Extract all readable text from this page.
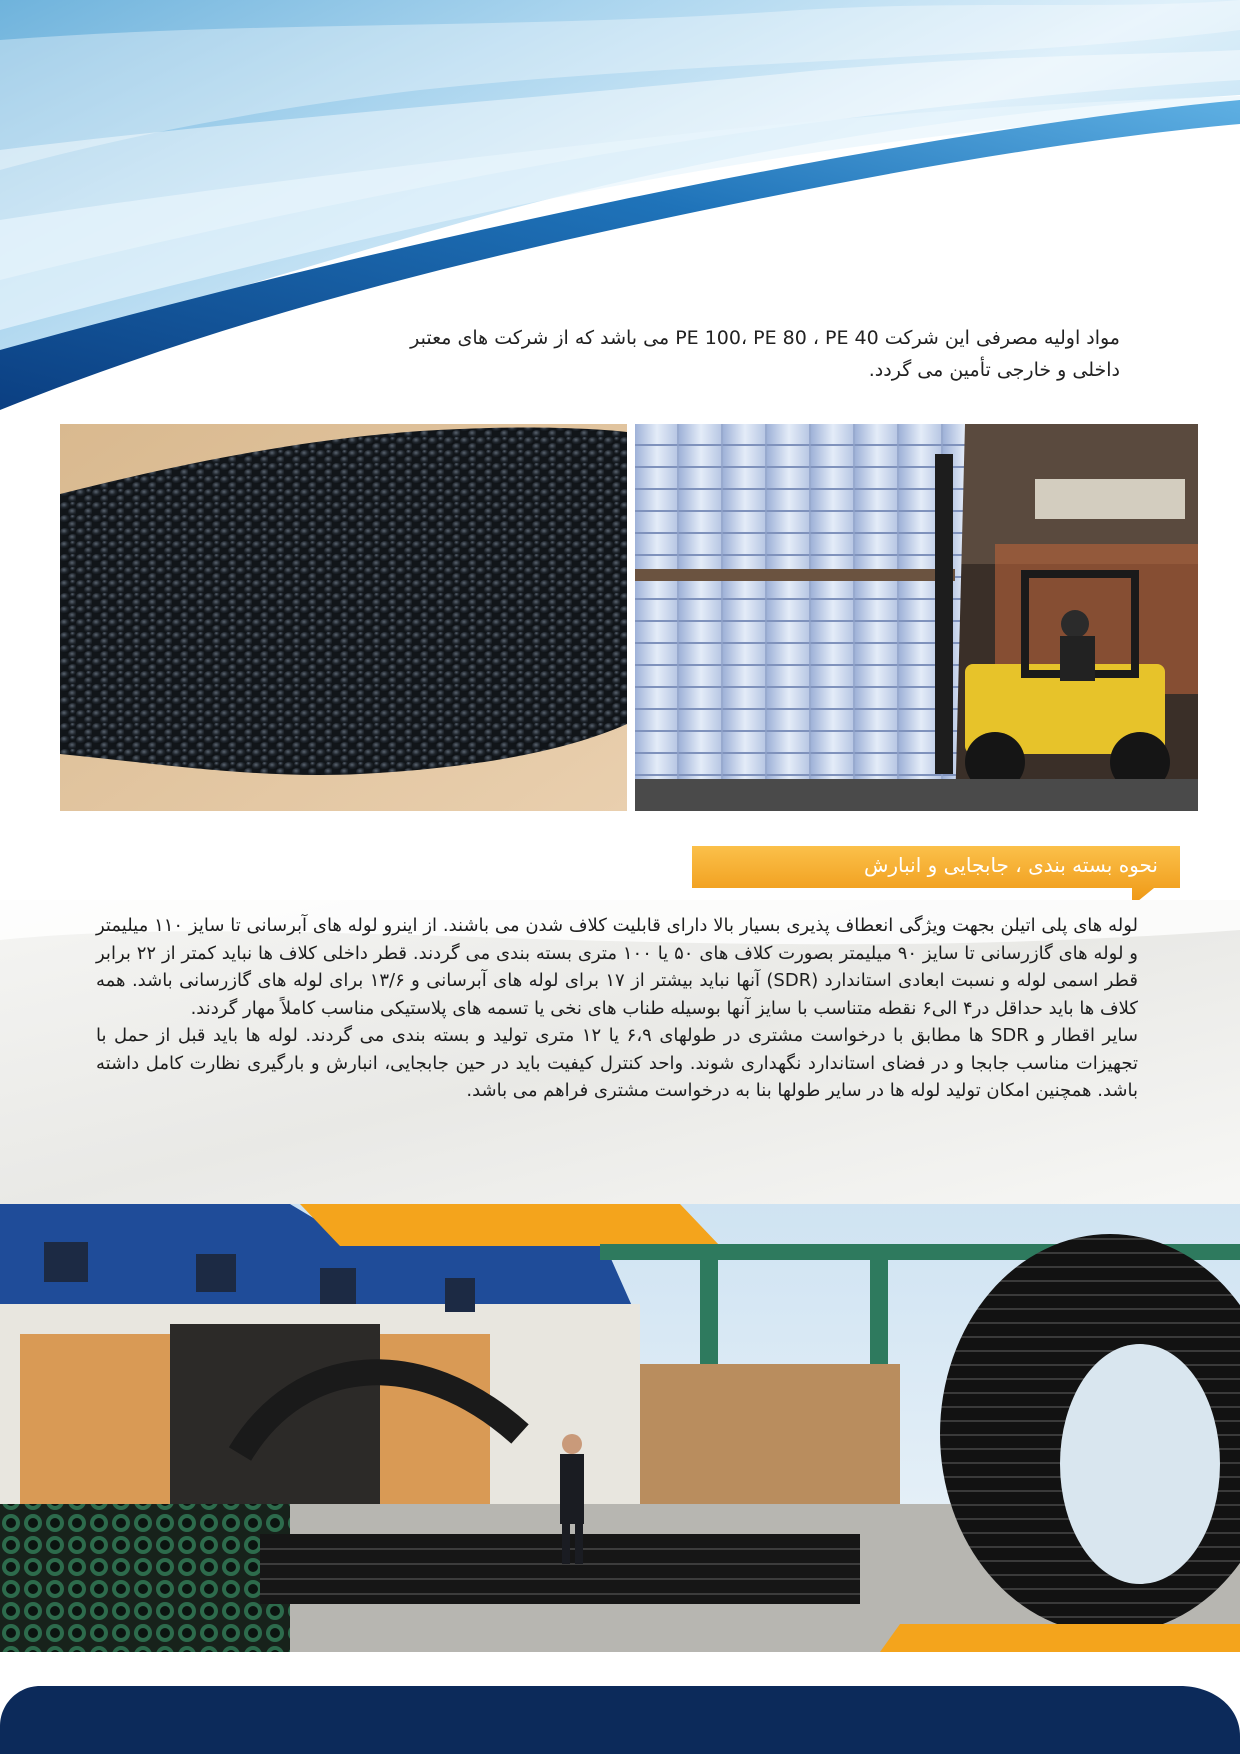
مواد اولیه مصرفی این شرکت PE 100، PE 80 ، PE 40 می باشد که از شرکت های معتبر
داخلی و خارجی تأمین می گردد.
نحوه بسته بندی ، جابجایی و انبارش

لوله های پلی اتیلن بجهت ویژگی انعطاف پذیری بسیار بالا دارای قابلیت کلاف شدن می باشند. از اینرو لوله های آبرسانی تا سایز ۱۱۰ میلیمتر و لوله های گازرسانی تا سایز ۹۰ میلیمتر بصورت کلاف های ۵۰ یا ۱۰۰ متری بسته بندی می گردند. قطر داخلی کلاف ها نباید کمتر از ۲۲ برابر قطر اسمی لوله و نسبت ابعادی استاندارد (SDR) آنها نباید بیشتر از ۱۷ برای لوله های آبرسانی و ۱۳/۶ برای لوله های گازرسانی باشد. همه کلاف ها باید حداقل در۴ الی۶ نقطه متناسب با سایز آنها بوسیله طناب های نخی یا تسمه های پلاستیکی مناسب کاملاً مهار گردند.

سایر اقطار و SDR ها مطابق با درخواست مشتری در طولهای ۶،۹ یا ۱۲ متری تولید و بسته بندی می گردند. لوله ها باید قبل از حمل با تجهیزات مناسب جابجا و در فضای استاندارد نگهداری شوند. واحد کنترل کیفیت باید در حین جابجایی، انبارش و بارگیری نظارت کامل داشته باشد. همچنین امکان تولید لوله ها در سایر طولها بنا به درخواست مشتری فراهم می باشد.
